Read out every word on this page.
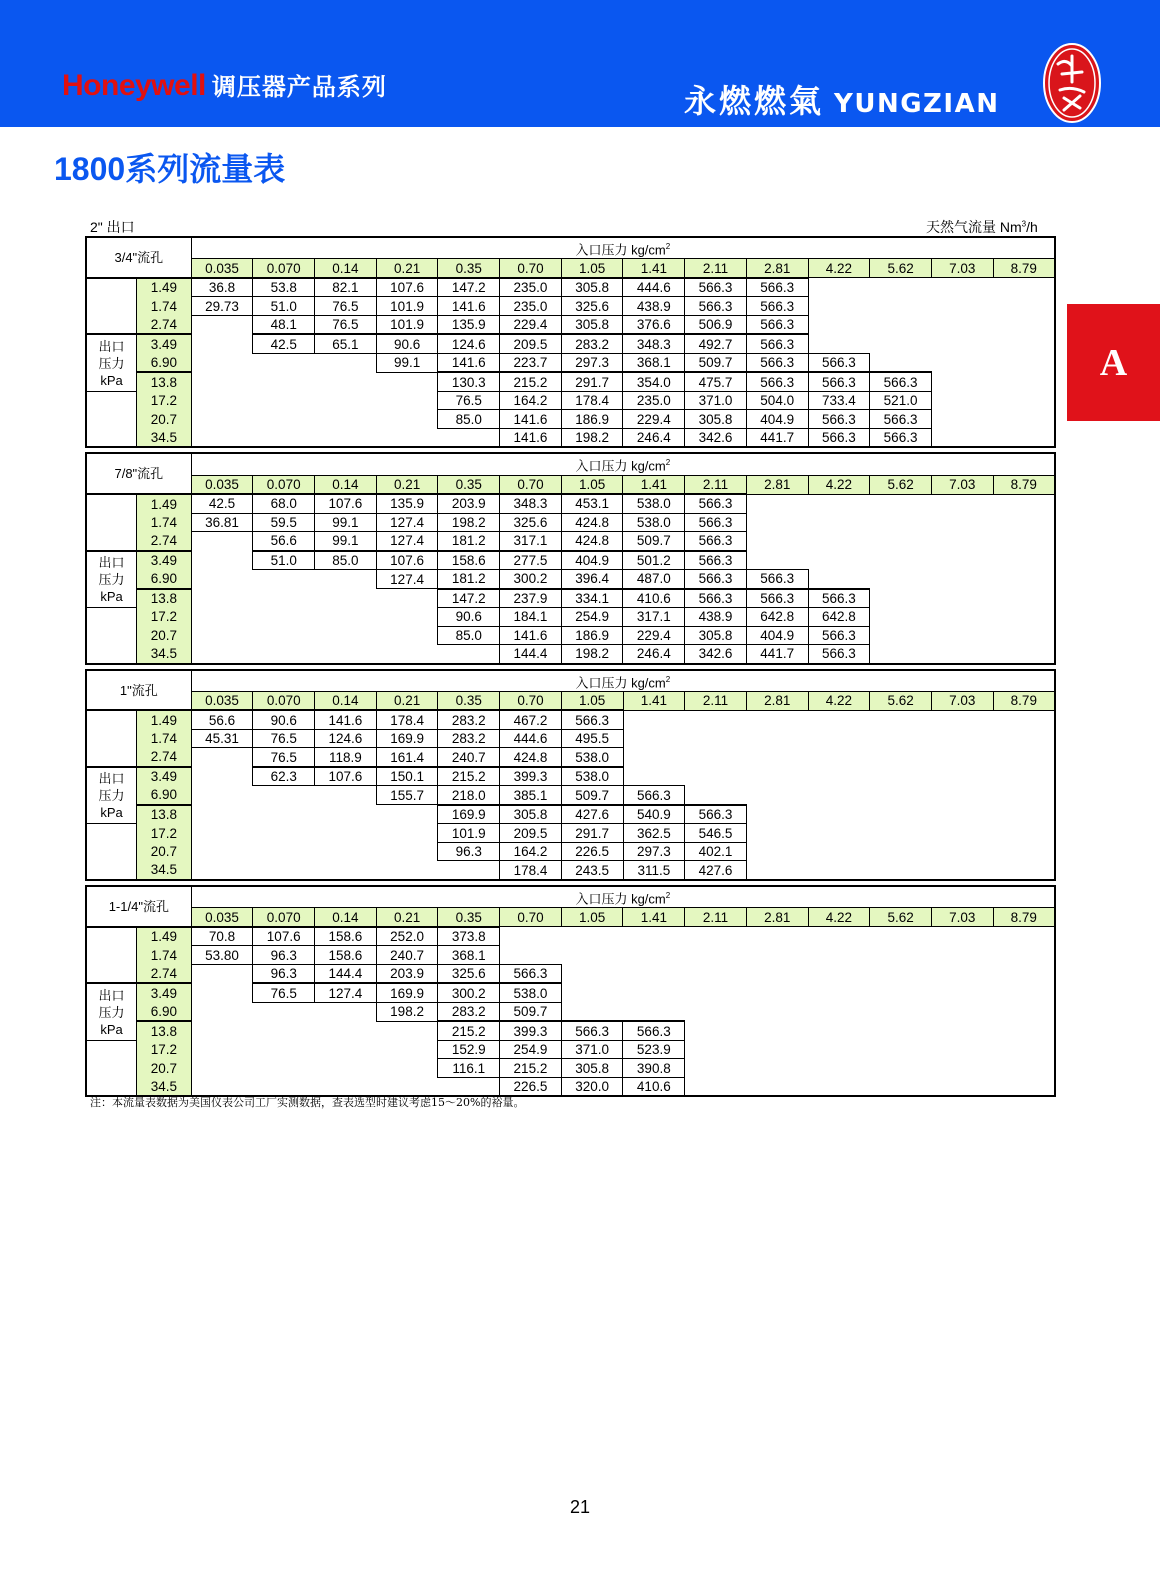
Honeywell 调压器产品系列	永燃燃氣 YUNGZIAN
1800系列流量表
A
2" 出口	天然气流量 Nm$^3$/h
3/4"流孔		入口压力 $kg/cm^2$
		0.035	0.070	0.14	0.21	0.35	0.70	1.05	1.41	2.11	2.81	4.22	5.62	7.03	8.79
	1.49	36.8	53.8	82.1	107.6	147.2	235.0	305.8	444.6	566.3	566.3				
	1.74	29.73	51.0	76.5	101.9	141.6	235.0	325.6	438.9	566.3	566.3				
	2.74		48.1	76.5	101.9	135.9	229.4	305.8	376.6	506.9	566.3				

出口
压力
kPa	3.49		42.5	65.1	90.6	124.6	209.5	283.2	348.3	492.7	566.3				
	6.90				99.1	141.6	223.7	297.3	368.1	509.7	566.3	566.3			
	13.8					130.3	215.2	291.7	354.0	475.7	566.3	566.3	566.3		
	17.2					76.5	164.2	178.4	235.0	371.0	504.0	733.4	521.0		
	20.7					85.0	141.6	186.9	229.4	305.8	404.9	566.3	566.3		
	34.5						141.6	198.2	246.4	342.6	441.7	566.3	566.3		
7/8"流孔		入口压力 $kg/cm^2$
		0.035	0.070	0.14	0.21	0.35	0.70	1.05	1.41	2.11	2.81	4.22	5.62	7.03	8.79
	1.49	42.5	68.0	107.6	135.9	203.9	348.3	453.1	538.0	566.3					
	1.74	36.81	59.5	99.1	127.4	198.2	325.6	424.8	538.0	566.3					
	2.74		56.6	99.1	127.4	181.2	317.1	424.8	509.7	566.3					

出口
压力
kPa	3.49		51.0	85.0	107.6	158.6	277.5	404.9	501.2	566.3					
	6.90				127.4	181.2	300.2	396.4	487.0	566.3	566.3				
	13.8					147.2	237.9	334.1	410.6	566.3	566.3	566.3			
	17.2					90.6	184.1	254.9	317.1	438.9	642.8	642.8			
	20.7					85.0	141.6	186.9	229.4	305.8	404.9	566.3			
	34.5						144.4	198.2	246.4	342.6	441.7	566.3			
1"流孔		入口压力 $kg/cm^2$
		0.035	0.070	0.14	0.21	0.35	0.70	1.05	1.41	2.11	2.81	4.22	5.62	7.03	8.79
	1.49	56.6	90.6	141.6	178.4	283.2	467.2	566.3							
	1.74	45.31	76.5	124.6	169.9	283.2	444.6	495.5							
	2.74		76.5	118.9	161.4	240.7	424.8	538.0							

出口
压力
kPa	3.49		62.3	107.6	150.1	215.2	399.3	538.0							
	6.90				155.7	218.0	385.1	509.7	566.3						
	13.8					169.9	305.8	427.6	540.9	566.3					
	17.2					101.9	209.5	291.7	362.5	546.5					
	20.7					96.3	164.2	226.5	297.3	402.1					
	34.5						178.4	243.5	311.5	427.6					
1-1/4"流孔		入口压力 $kg/cm^2$
		0.035	0.070	0.14	0.21	0.35	0.70	1.05	1.41	2.11	2.81	4.22	5.62	7.03	8.79
	1.49	70.8	107.6	158.6	252.0	373.8									
	1.74	53.80	96.3	158.6	240.7	368.1									
	2.74		96.3	144.4	203.9	325.6	566.3								

出口
压力
kPa	3.49		76.5	127.4	169.9	300.2	538.0								
	6.90				198.2	283.2	509.7								
	13.8					215.2	399.3	566.3	566.3						
	17.2					152.9	254.9	371.0	523.9						
	20.7					116.1	215.2	305.8	390.8						
	34.5						226.5	320.0	410.6						
注：本流量表数据为美国仪表公司工厂实测数据，查表选型时建议考虑15～20%的裕量。
21
